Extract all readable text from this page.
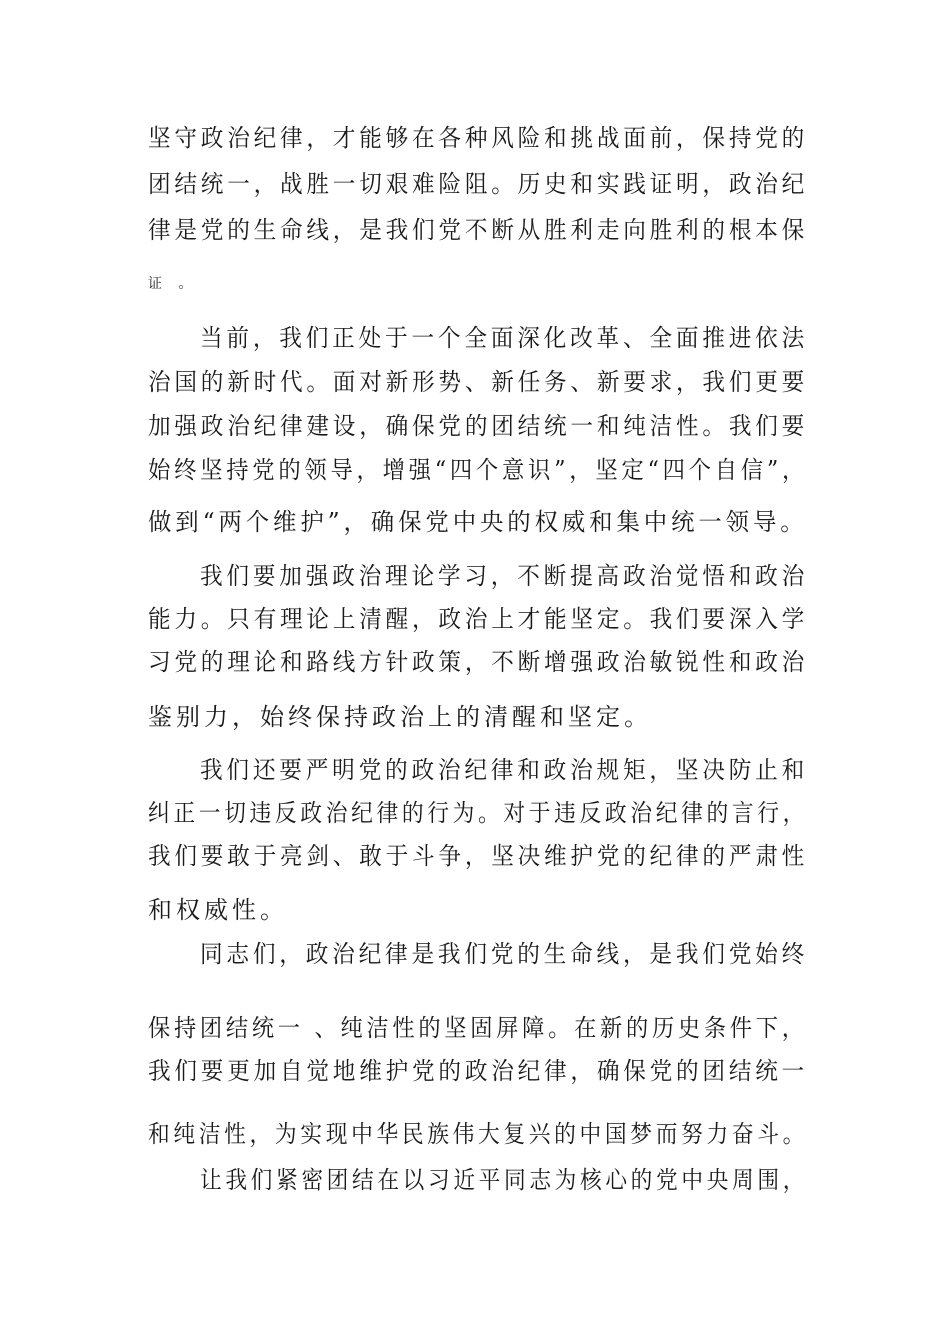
坚守政治纪律，才能够在各种风险和挑战面前，保持党的
团结统一，战胜一切艰难险阻。历史和实践证明，政治纪
律是党的生命线，是我们党不断从胜利走向胜利的根本保
证 。
当前，我们正处于一个全面深化改革、全面推进依法
治国的新时代。面对新形势、新任务、新要求，我们更要
加强政治纪律建设，确保党的团结统一和纯洁性。我们要
始终坚持党的领导，增强“四个意识”，坚定“四个自信”，
做到“两个维护”，确保党中央的权威和集中统一领导。
我们要加强政治理论学习，不断提高政治觉悟和政治
能力。只有理论上清醒，政治上才能坚定。我们要深入学
习党的理论和路线方针政策，不断增强政治敏锐性和政治
鉴别力，始终保持政治上的清醒和坚定。
我们还要严明党的政治纪律和政治规矩，坚决防止和
纠正一切违反政治纪律的行为。对于违反政治纪律的言行，
我们要敢于亮剑、敢于斗争，坚决维护党的纪律的严肃性
和权威性。
同志们，政治纪律是我们党的生命线，是我们党始终
保持团结统一 、纯洁性的坚固屏障。在新的历史条件下，
我们要更加自觉地维护党的政治纪律，确保党的团结统一
和纯洁性，为实现中华民族伟大复兴的中国梦而努力奋斗。
让我们紧密团结在以习近平同志为核心的党中央周围，
